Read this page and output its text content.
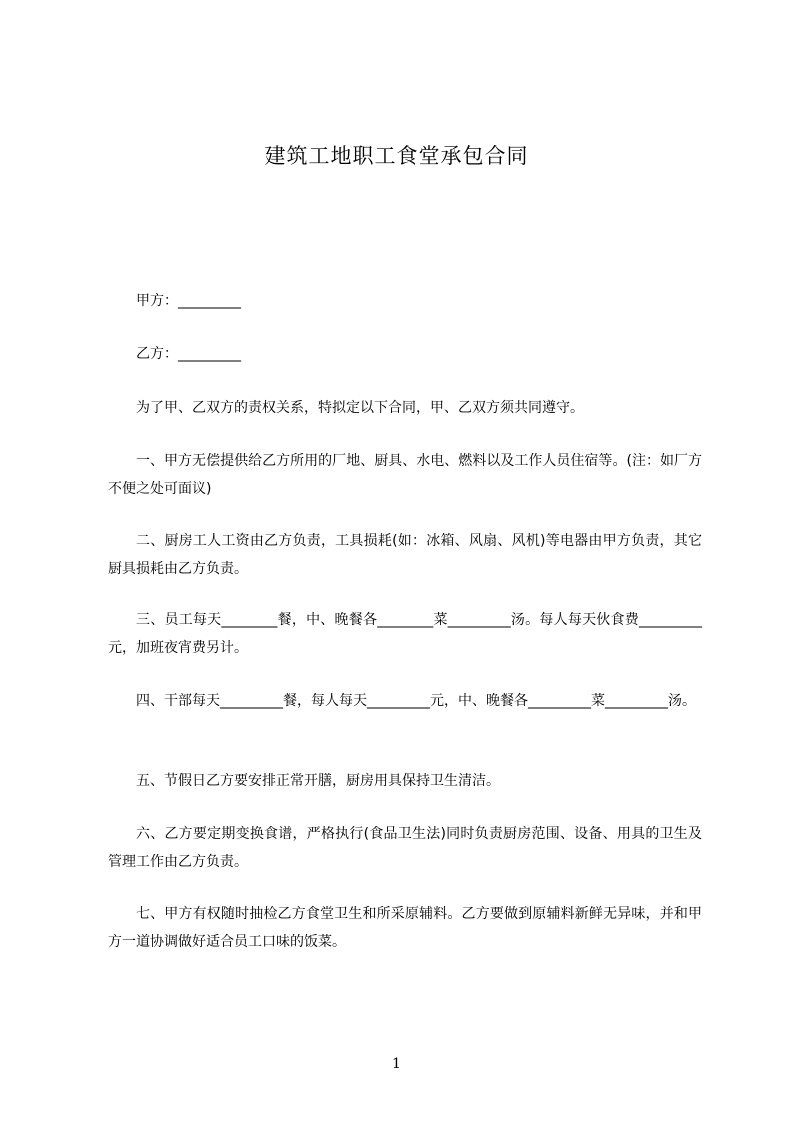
建筑工地职工食堂承包合同
甲方：_________
乙方：_________
为了甲、乙双方的责权关系，特拟定以下合同，甲、乙双方须共同遵守。
一、甲方无偿提供给乙方所用的厂地、厨具、水电、燃料以及工作人员住宿等。(注：如厂方不便之处可面议)
二、厨房工人工资由乙方负责，工具损耗(如：冰箱、风扇、风机)等电器由甲方负责，其它厨具损耗由乙方负责。
三、员工每天________餐，中、晚餐各________菜_________汤。每人每天伙食费_________元，加班夜宵费另计。
四、干部每天_________餐，每人每天_________元，中、晚餐各_________菜_________汤。
五、节假日乙方要安排正常开膳，厨房用具保持卫生清洁。
六、乙方要定期变换食谱，严格执行(食品卫生法)同时负责厨房范围、设备、用具的卫生及管理工作由乙方负责。
七、甲方有权随时抽检乙方食堂卫生和所采原辅料。乙方要做到原辅料新鲜无异味，并和甲方一道协调做好适合员工口味的饭菜。
1
